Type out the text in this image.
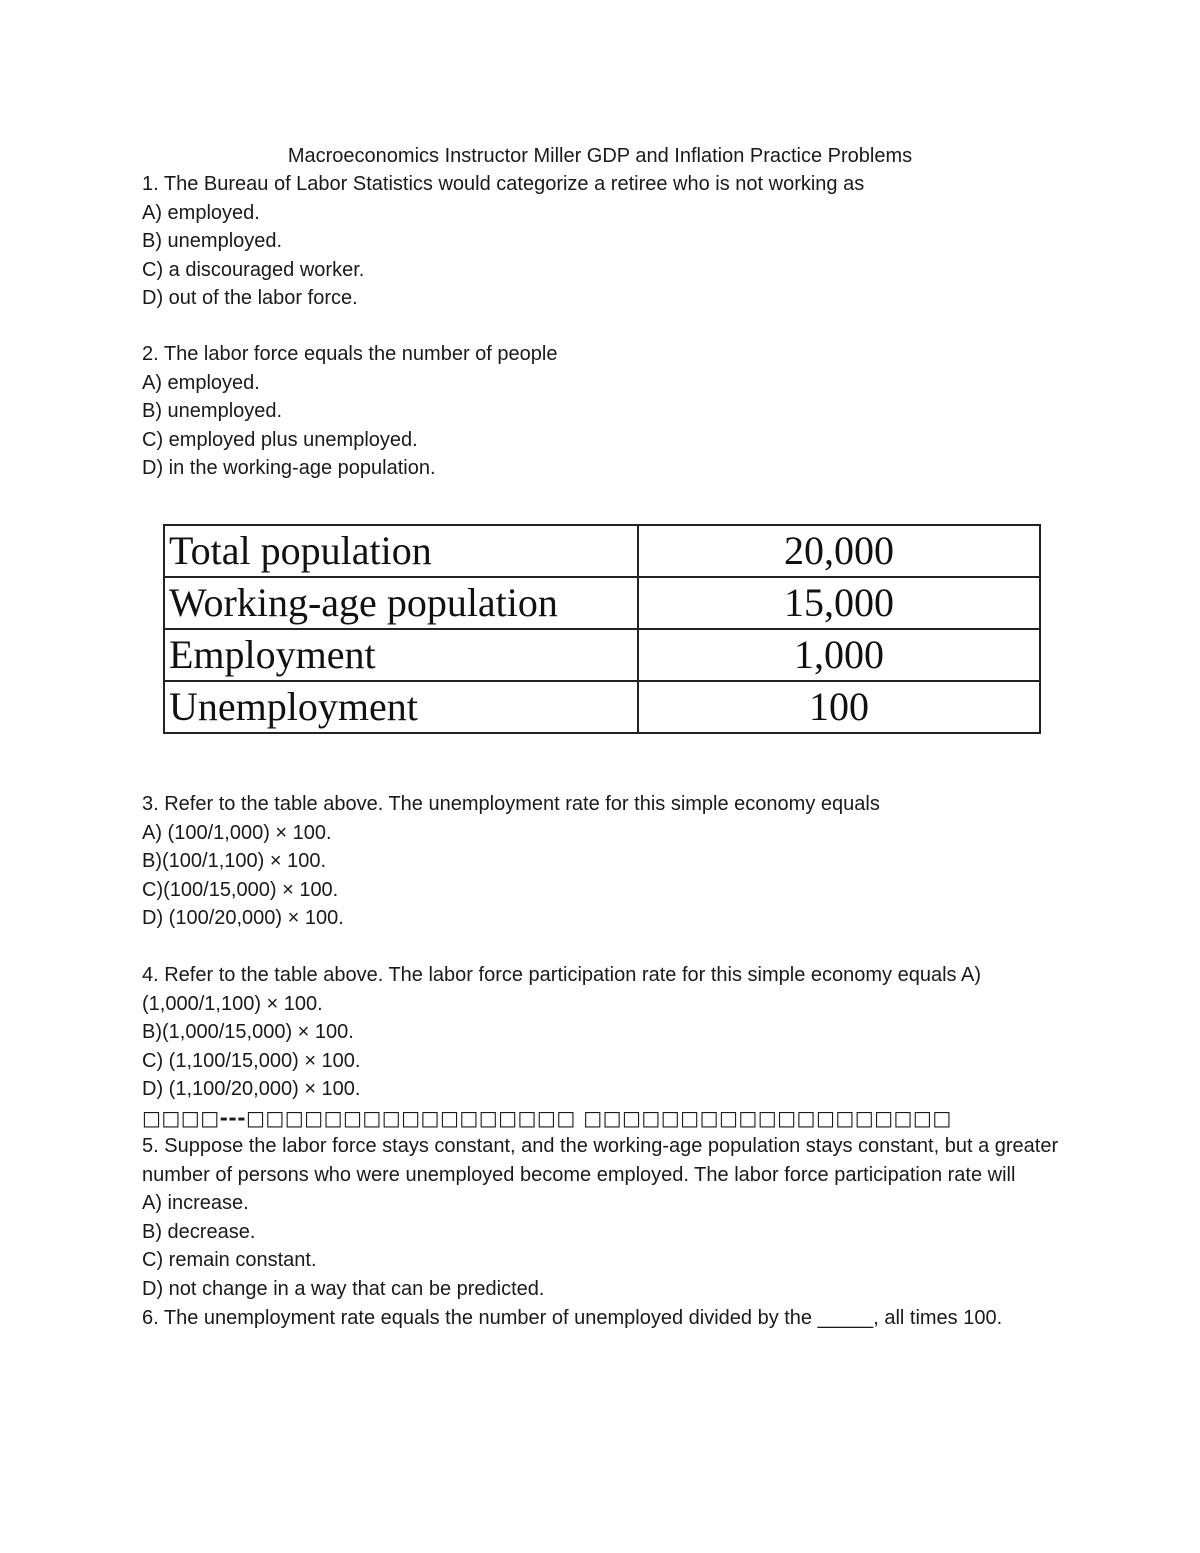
Macroeconomics Instructor Miller GDP and Inflation Practice Problems
1. The Bureau of Labor Statistics would categorize a retiree who is not working as
A) employed.
B) unemployed.
C) a discouraged worker.
D) out of the labor force.
2. The labor force equals the number of people
A) employed.
B) unemployed.
C) employed plus unemployed.
D) in the working-age population.
Total population	20,000
Working-age population	15,000
Employment	1,000
Unemployment	100
3. Refer to the table above. The unemployment rate for this simple economy equals
A) (100/1,000) × 100.
B)(100/1,100) × 100.
C)(100/15,000) × 100.
D) (100/20,000) × 100.
4. Refer to the table above. The labor force participation rate for this simple economy equals A)
(1,000/1,100) × 100.
B)(1,000/15,000) × 100.
C) (1,100/15,000) × 100.
D) (1,100/20,000) × 100.
□□□□---□□□□□□□□□□□□□□□□□ □□□□□□□□□□□□□□□□□□□
5. Suppose the labor force stays constant, and the working-age population stays constant, but a greater number of persons who were unemployed become employed. The labor force participation rate will
A) increase.
B) decrease.
C) remain constant.
D) not change in a way that can be predicted.
6. The unemployment rate equals the number of unemployed divided by the _____, all times 100.
